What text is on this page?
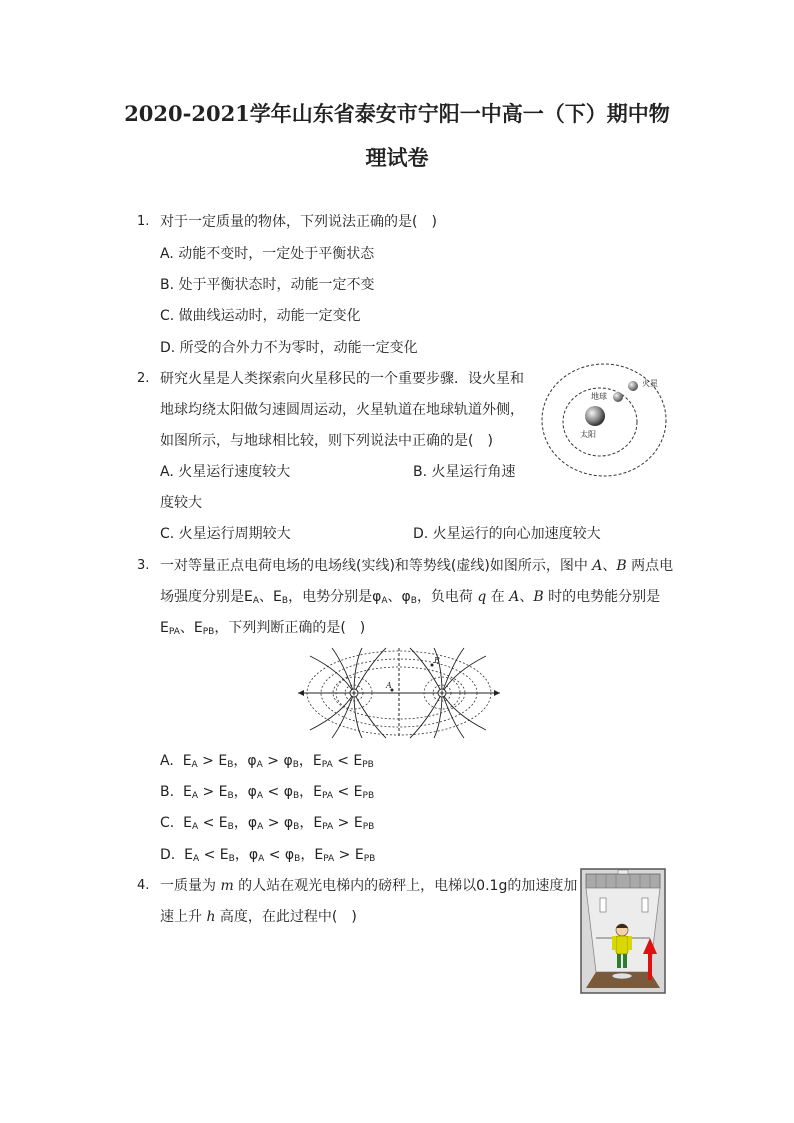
2020-2021学年山东省泰安市宁阳一中高一（下）期中物
理试卷
1. 对于一定质量的物体，下列说法正确的是(　)
A. 动能不变时，一定处于平衡状态
B. 处于平衡状态时，动能一定不变
C. 做曲线运动时，动能一定变化
D. 所受的合外力不为零时，动能一定变化
2. 研究火星是人类探索向火星移民的一个重要步骤．设火星和
地球均绕太阳做匀速圆周运动，火星轨道在地球轨道外侧，
如图所示，与地球相比较，则下列说法中正确的是(　)
A. 火星运行速度较大	B. 火星运行角速
度较大
C. 火星运行周期较大	D. 火星运行的向心加速度较大
太阳
地球
火星
3. 一对等量正点电荷电场的电场线(实线)和等势线(虚线)如图所示，图中 A、B 两点电
场强度分别是$E_A$、$E_B$，电势分别是$\varphi_A$、$\varphi_B$，负电荷 q 在 A、B 时的电势能分别是
$E_{PA}$、$E_{PB}$，下列判断正确的是(　)
B
A
A. $E_A > E_B$，$\varphi_A > \varphi_B$，$E_{PA} < E_{PB}$
B. $E_A > E_B$，$\varphi_A < \varphi_B$，$E_{PA} < E_{PB}$
C. $E_A < E_B$，$\varphi_A > \varphi_B$，$E_{PA} > E_{PB}$
D. $E_A < E_B$，$\varphi_A < \varphi_B$，$E_{PA} > E_{PB}$
4. 一质量为 m 的人站在观光电梯内的磅秤上，电梯以0.1g的加速度加
速上升 h 高度，在此过程中(　)
